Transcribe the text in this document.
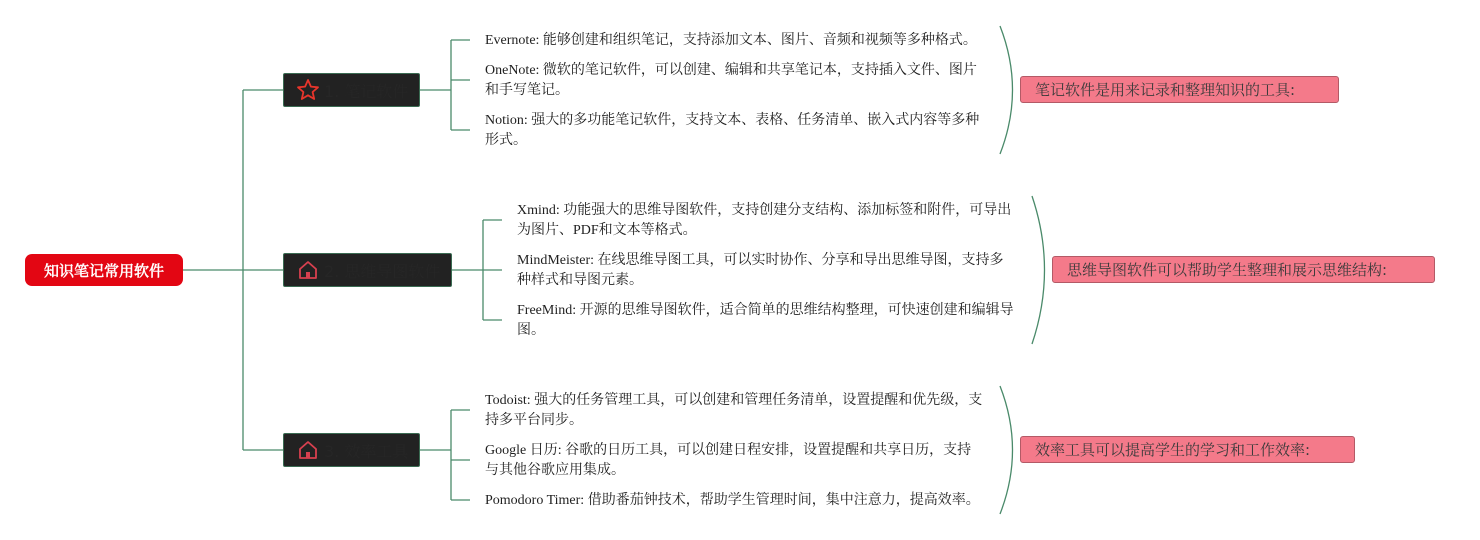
知识笔记常用软件
1. 笔记软件
2. 思维导图软件
3. 效率工具
Evernote: 能够创建和组织笔记，支持添加文本、图片、音频和视频等多种格式。
OneNote: 微软的笔记软件，可以创建、编辑和共享笔记本，支持插入文件、图片和手写笔记。
Notion: 强大的多功能笔记软件，支持文本、表格、任务清单、嵌入式内容等多种形式。
Xmind: 功能强大的思维导图软件，支持创建分支结构、添加标签和附件，可导出为图片、PDF和文本等格式。
MindMeister: 在线思维导图工具，可以实时协作、分享和导出思维导图，支持多种样式和导图元素。
FreeMind: 开源的思维导图软件，适合简单的思维结构整理，可快速创建和编辑导图。
Todoist: 强大的任务管理工具，可以创建和管理任务清单，设置提醒和优先级，支持多平台同步。
Google 日历: 谷歌的日历工具，可以创建日程安排，设置提醒和共享日历，支持与其他谷歌应用集成。
Pomodoro Timer: 借助番茄钟技术，帮助学生管理时间，集中注意力，提高效率。
笔记软件是用来记录和整理知识的工具:
思维导图软件可以帮助学生整理和展示思维结构:
效率工具可以提高学生的学习和工作效率:
